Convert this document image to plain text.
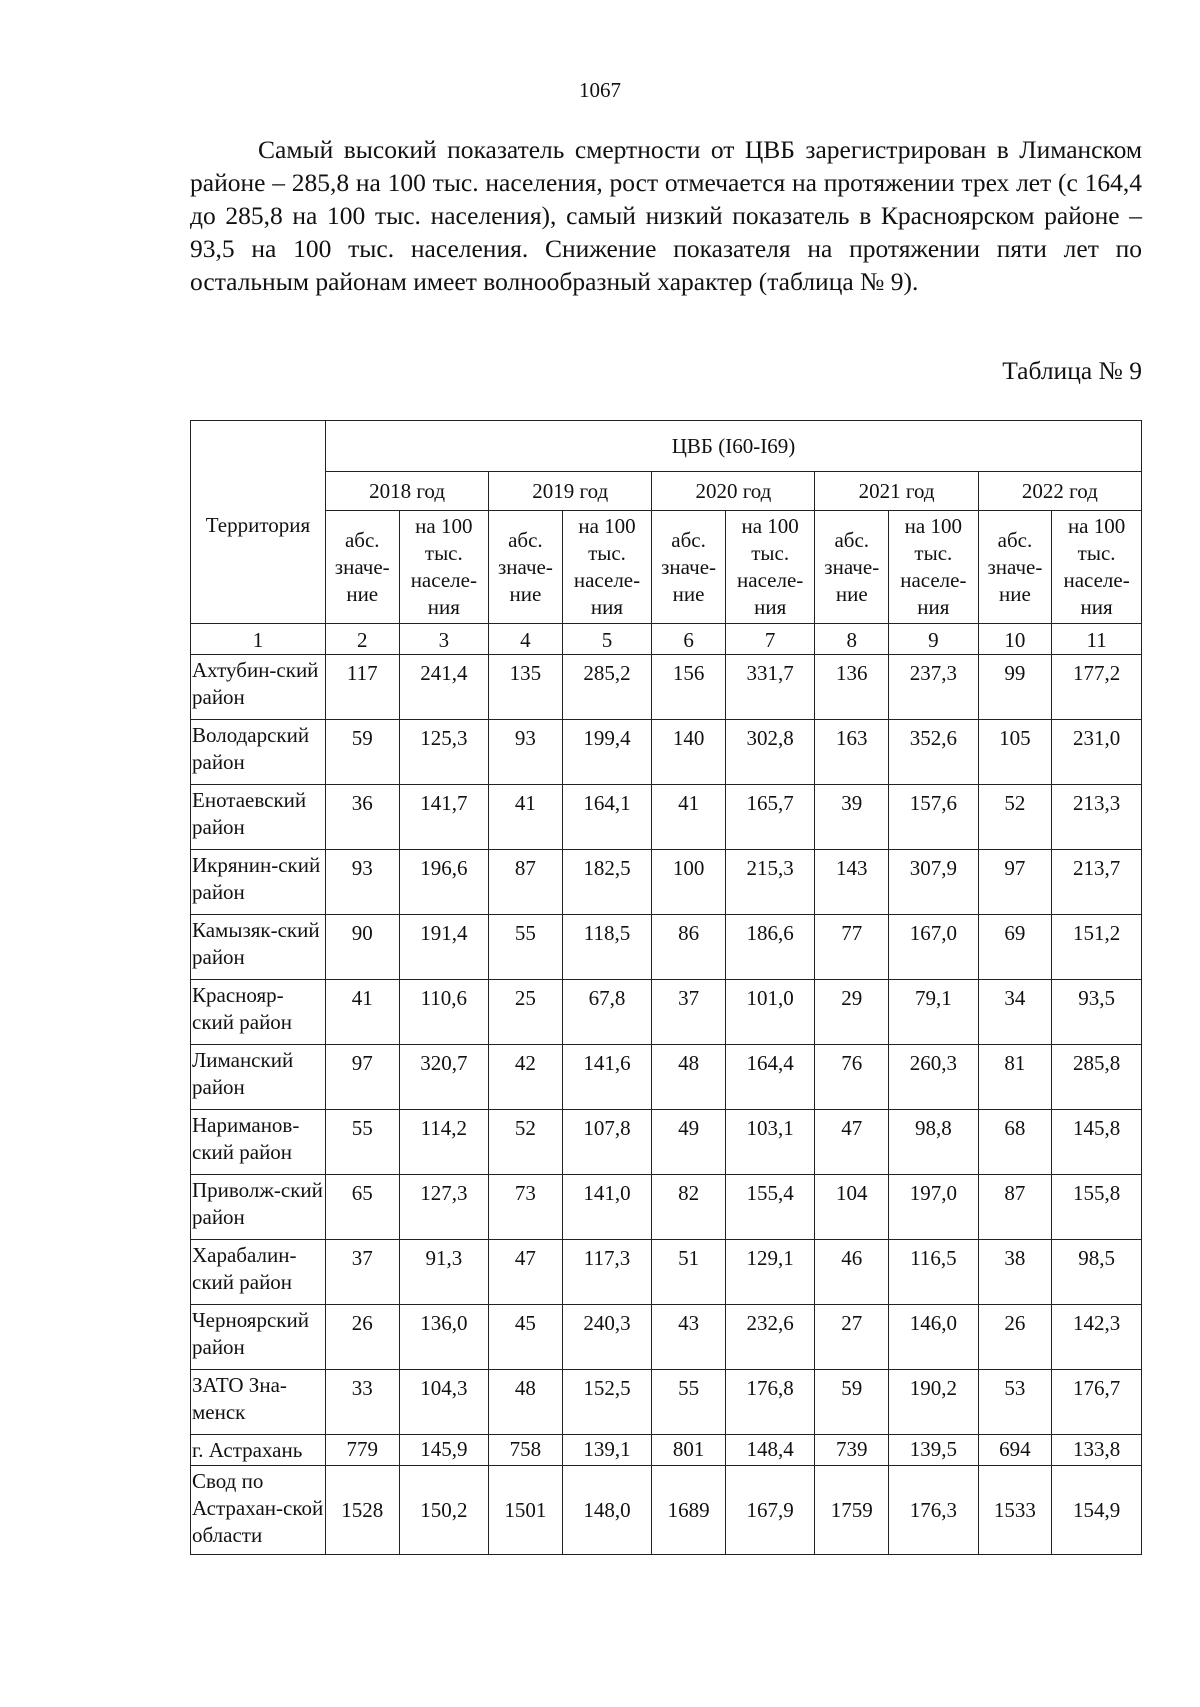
1067

Самый высокий показатель смертности от ЦВБ зарегистрирован в Лиманском районе – 285,8 на 100 тыс. населения, рост отмечается на протяжении трех лет (с 164,4 до 285,8 на 100 тыс. населения), самый низкий показатель в Красноярском районе – 93,5 на 100 тыс. населения. Снижение показателя на протяжении пяти лет по остальным районам имеет волнообразный характер (таблица № 9).

Таблица № 9
Территория	ЦВБ (I60-I69)									
	2018 год		2019 год		2020 год		2021 год		2022 год	
	абс. значе-ние	на 100 тыс. населе-ния	абс. значе-ние	на 100 тыс. населе-ния	абс. значе-ние	на 100 тыс. населе-ния	абс. значе-ние	на 100 тыс. населе-ния	абс. значе-ние	на 100 тыс. населе-ния
1	2	3	4	5	6	7	8	9	10	11
Ахтубин-ский район	117	241,4	135	285,2	156	331,7	136	237,3	99	177,2
Володарский район	59	125,3	93	199,4	140	302,8	163	352,6	105	231,0
Енотаевский район	36	141,7	41	164,1	41	165,7	39	157,6	52	213,3
Икрянин-ский район	93	196,6	87	182,5	100	215,3	143	307,9	97	213,7
Камызяк-ский район	90	191,4	55	118,5	86	186,6	77	167,0	69	151,2
Краснояр-ский район	41	110,6	25	67,8	37	101,0	29	79,1	34	93,5
Лиманский район	97	320,7	42	141,6	48	164,4	76	260,3	81	285,8
Нариманов-ский район	55	114,2	52	107,8	49	103,1	47	98,8	68	145,8
Приволж-ский район	65	127,3	73	141,0	82	155,4	104	197,0	87	155,8
Харабалин-ский район	37	91,3	47	117,3	51	129,1	46	116,5	38	98,5
Черноярский район	26	136,0	45	240,3	43	232,6	27	146,0	26	142,3
ЗАТО Зна-менск	33	104,3	48	152,5	55	176,8	59	190,2	53	176,7
г. Астрахань	779	145,9	758	139,1	801	148,4	739	139,5	694	133,8
Свод по Астрахан-ской области	1528	150,2	1501	148,0	1689	167,9	1759	176,3	1533	154,9
